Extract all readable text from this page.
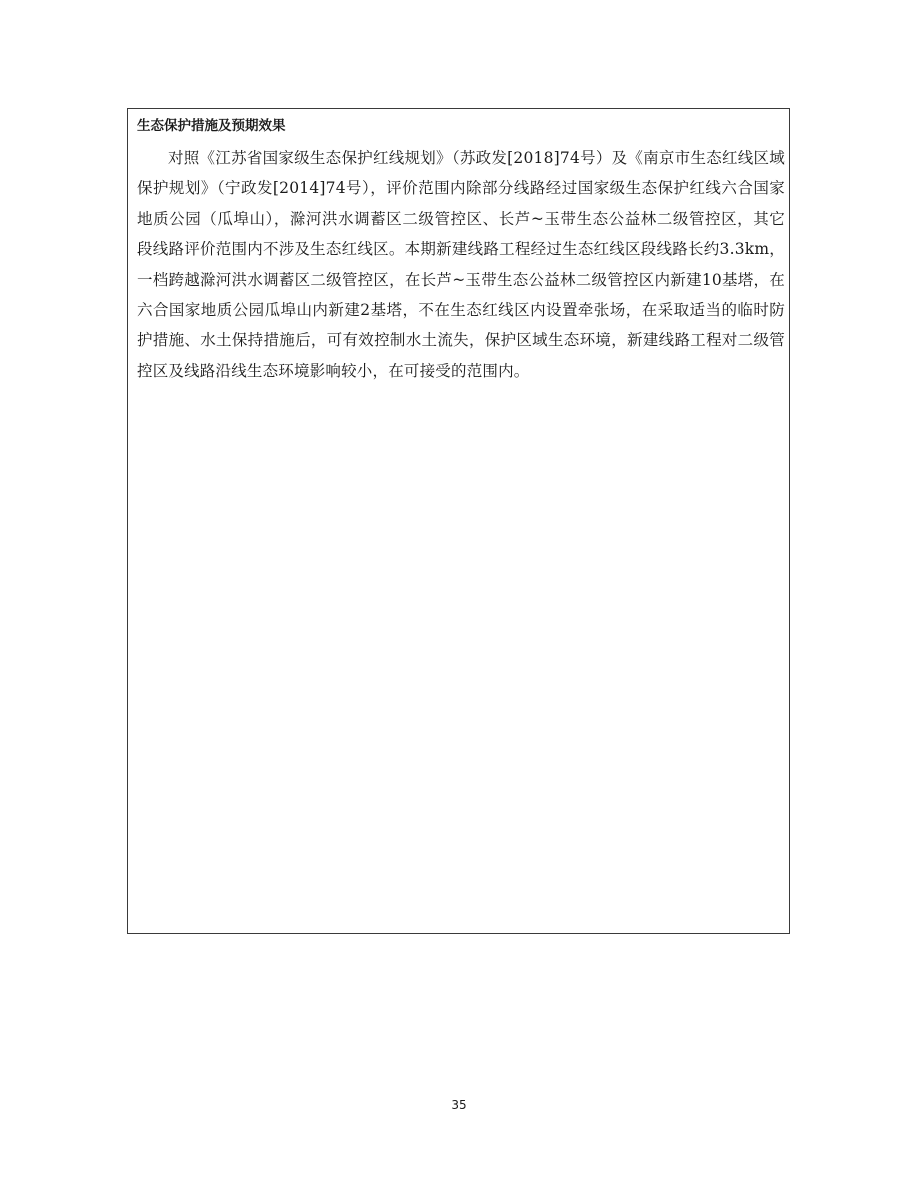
生态保护措施及预期效果

对照《江苏省国家级生态保护红线规划》（苏政发[2018]74号）及《南京市生态红线区域保护规划》（宁政发[2014]74号），评价范围内除部分线路经过国家级生态保护红线六合国家地质公园（瓜埠山），滁河洪水调蓄区二级管控区、长芦~玉带生态公益林二级管控区，其它段线路评价范围内不涉及生态红线区。本期新建线路工程经过生态红线区段线路长约3.3km，一档跨越滁河洪水调蓄区二级管控区，在长芦~玉带生态公益林二级管控区内新建10基塔，在六合国家地质公园瓜埠山内新建2基塔，不在生态红线区内设置牵张场，在采取适当的临时防护措施、水土保持措施后，可有效控制水土流失，保护区域生态环境，新建线路工程对二级管控区及线路沿线生态环境影响较小，在可接受的范围内。

35
